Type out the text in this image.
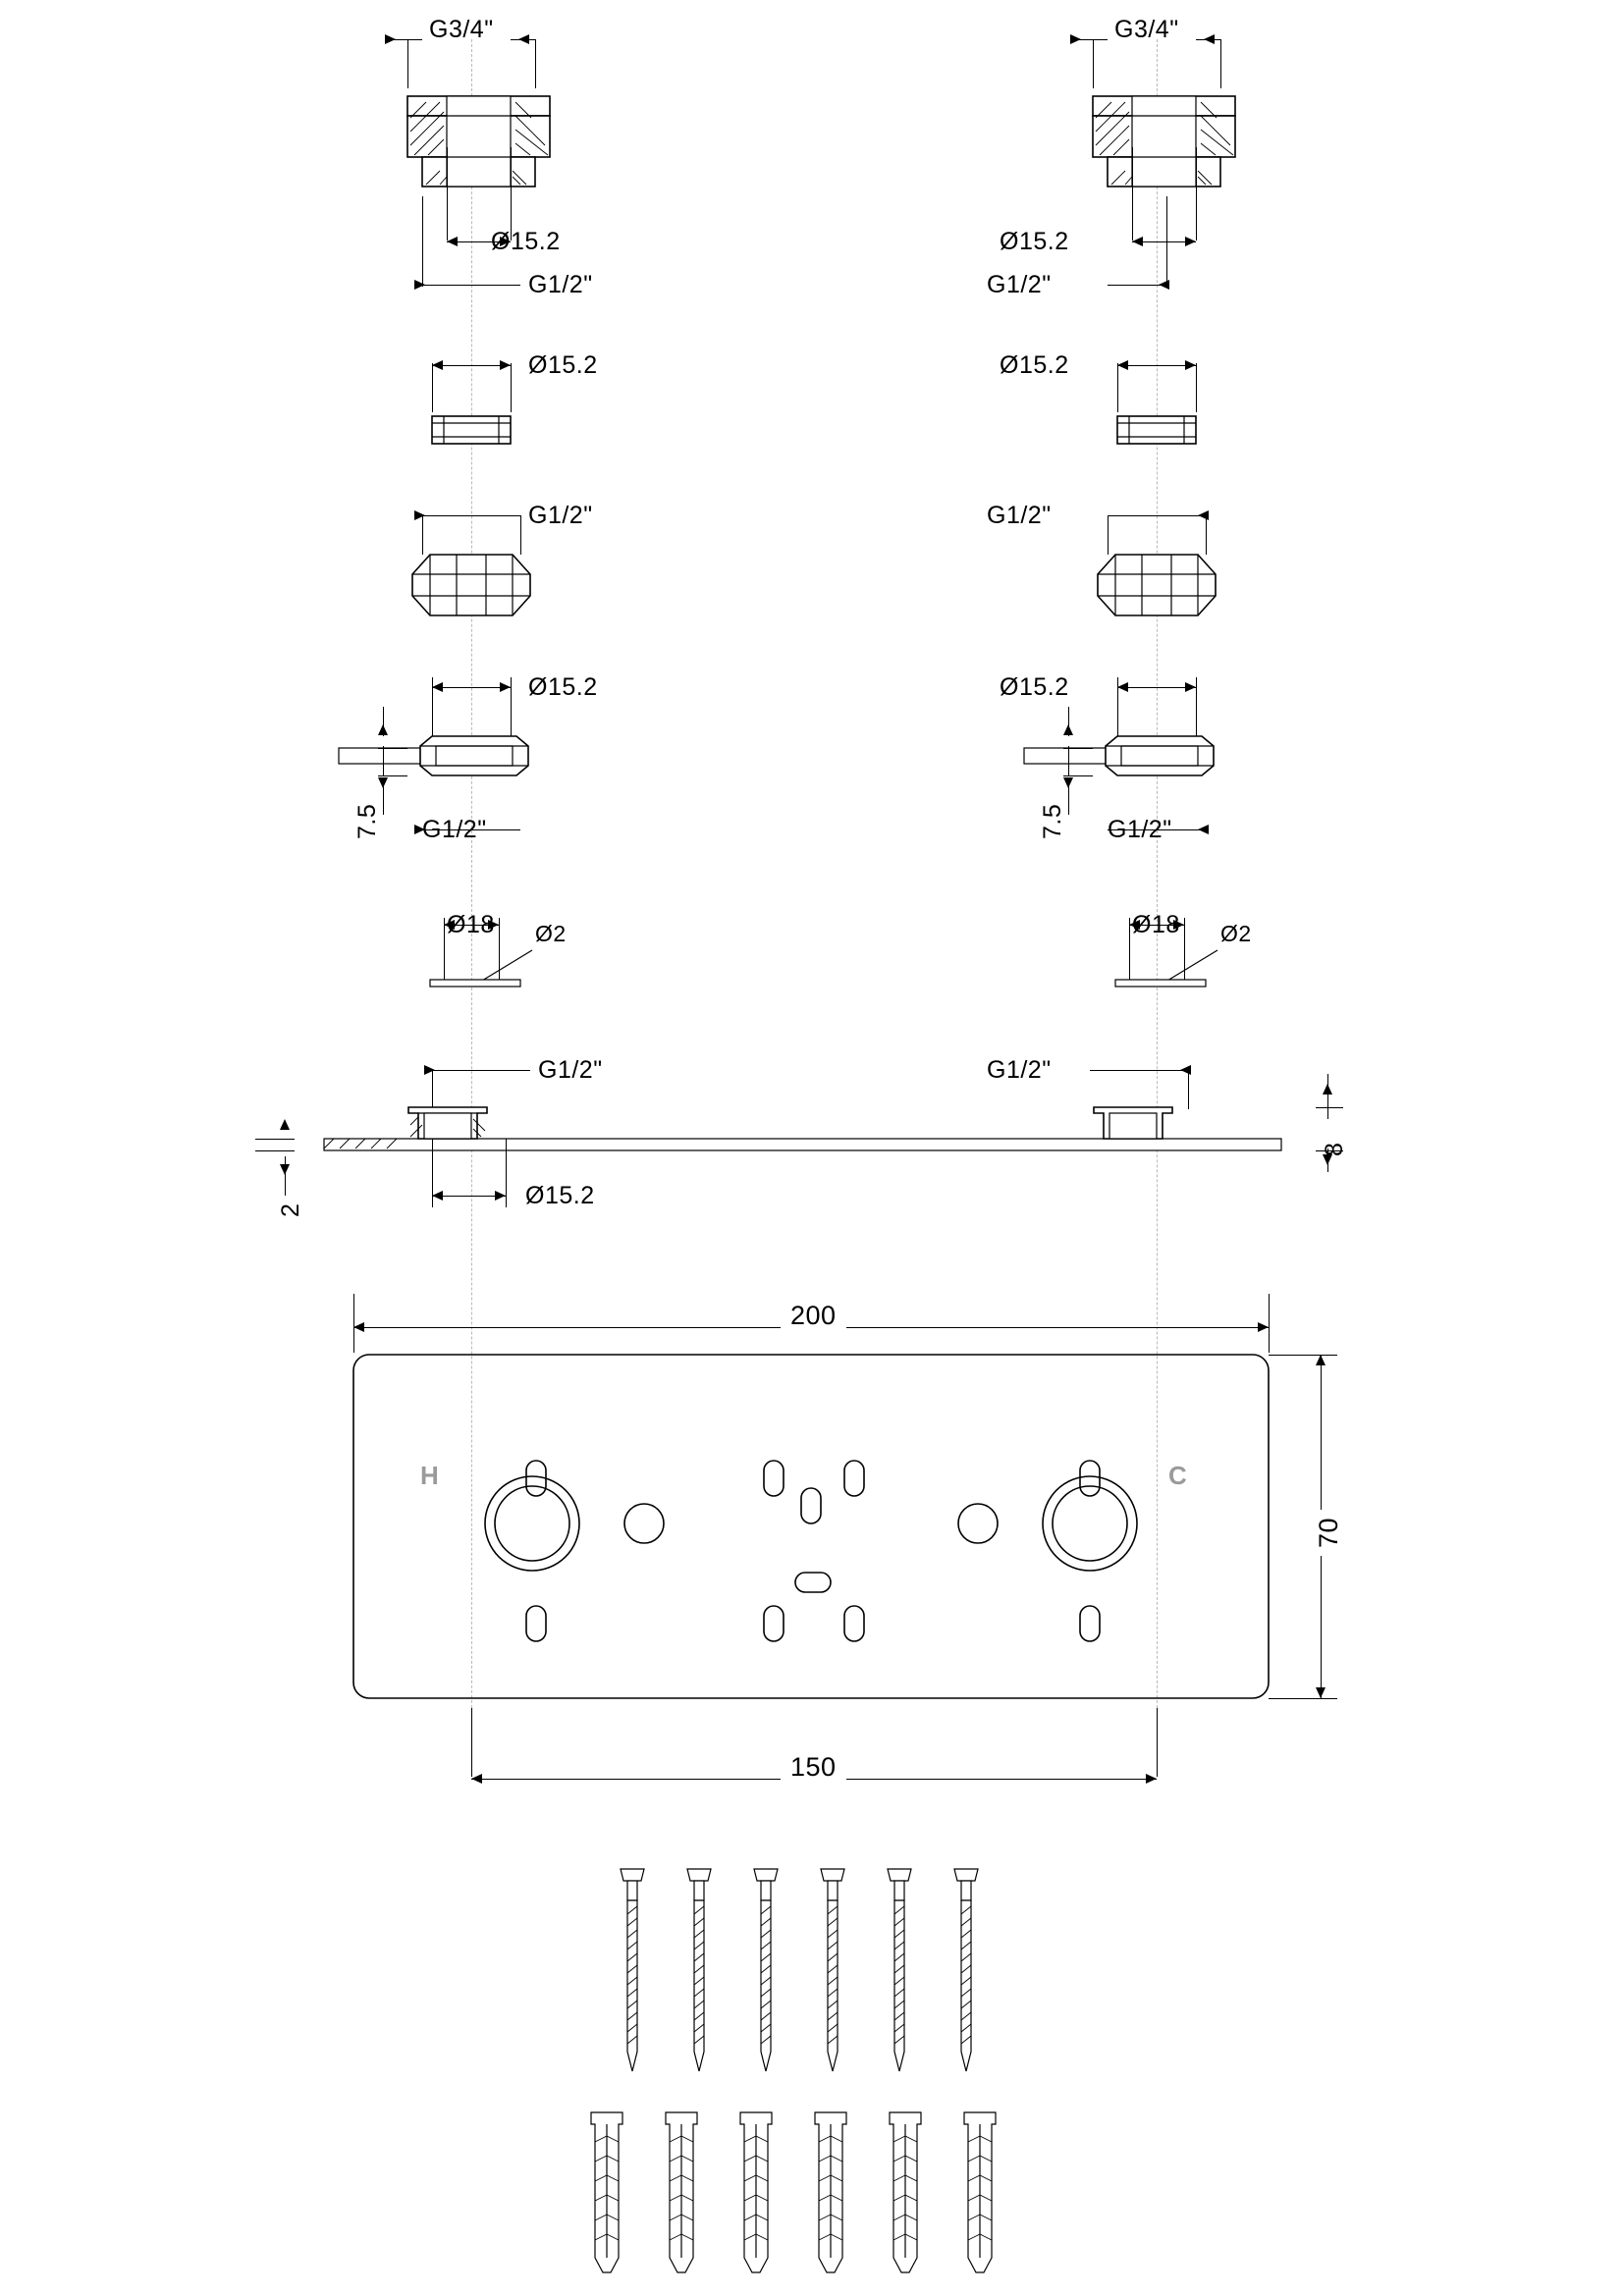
G3/4"
Ø15.2
G1/2"
G3/4"
Ø15.2
G1/2"
Ø15.2	Ø15.2
G1/2"	G1/2"
Ø15.2
7.5 G1/2"
Ø15.2
7.5 G1/2"
Ø18 Ø2	Ø18 Ø2
G1/2"	G1/2"
8
2
Ø15.2
200
H	C
70
150
